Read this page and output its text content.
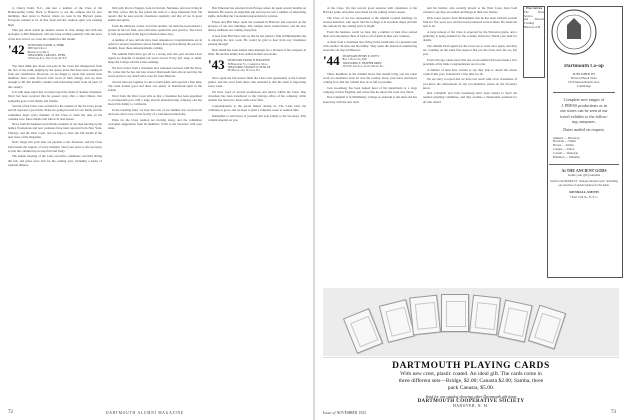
to Cherry Point, N.C., and met a number of the Class at the Homecoming Game. Back to Hanover to see the campus and its new buildings, then down to Boston where we took in the Harvard game. Everyone seemed to be in fine form and the reunion spirit was running high.

That just about winds up another season of class doings and with due apologies to Bill Ringeisen, who has been waiting patiently with the news of his new arrival, we close the column for this month.

'42 SECRETARY, DANIEL A. SHIRK
3685 Smith Road
Birmingham, Mich.
TREASURER, CARSON L. FIFER
1155 Park Ave., New York 28, N.Y.

You must think just about everyone in the Class has disappeared from the face of the earth, judging by the sparse notes that have been coming in from our contributors. However, we are happy to report that several class members have come forward with word of their doings, and we have enough to fill this month's column with interesting items from all parts of the country.

It is with deep regret that we must report the death of another classmate. Word has been received that he passed away after a short illness. Our sympathy goes to his family and friends.

Several of the Class were on hand for the reunion of the Tri-Class group and all reported a good time. Plans are going forward for our Tenth, and the committee urges every member of the Class to mark the date on his calendar now. More details will follow in later issues.

News from the business world finds a number of our men moving up the ladder. Promotions and new positions have been reported from New York, Chicago, and the West Coast, and we hope to have the full details in the next issue of the magazine.

Don't forget that your dues are payable to the Treasurer, and the Class Fund needs the support of every member. Send your news to the Secretary so that the column may be kept full and lively.

The annual meeting of the Class executive committee was held during the fall, and plans were laid for the coming year, including a series of regional dinners.

McCurdy Proctor Taggart, born in Lincoln, Nebraska, and now living in the East, writes that he has joined the staff of a large industrial firm. He reports that he sees several classmates regularly and that all are in good health and spirits.

From the Midwest comes word that another '42 man has been named a partner in his law firm, and a third has opened his own practice. The Class is well represented in the legal profession these days.

A number of new arrivals have been announced. Congratulations are in order for several classmates whose families have grown during the past few months. Keep those announcements coming.

The Alumni Fund drive got off to a strong start this year and the Class agents are hopeful of topping last year's record. Every gift, large or small, helps the College and the Class standing.

We had a letter from a classmate now stationed overseas with the Navy. He writes that he has run into several Dartmouth men abroad and that the Green spirit is very much alive even far from Hanover.

Several men got together for the Cornell game and reported a fine time. The team looked good and there was plenty of Dartmouth spirit in the stands.

Word from the West Coast tells us that a classmate has been appointed to an important post with a large aircraft manufacturing company and has moved his family to California.

In the teaching field, we hear that one of our number has received his doctorate and is now on the faculty of a well-known university.

Plans for the Class reunion are moving along, and the committee welcomes suggestions from all members. Write to the Secretary with your ideas.

Bob Emerson has returned from Europe where he spent several months on business. He reports an enjoyable trip and says he saw a number of interesting sights, including the Coronation preparations in London.

Ernest and Phil Moss spent the weekend in Hanover and reported on the progress of the new buildings. The campus never looked better, and the new library additions are coming along fine.

A note from Bill Snow tells us that he has joined a firm in Philadelphia and is enjoying the new work. He would be glad to hear from any classmates passing through.

Dick Smith has been named sales manager for a division of his company in Ohio. He and his family have settled in their new home.

'43 SECRETARY, FRANK H. EDGERTON
36 Berkshire St., Cambridge, Mass.
TREASURER, STANLEY W. DUNLOP
835 Boulevard, Walton, N.J.

Once again the fall season finds the Class well represented at the football games, and the word from those who attended is that the team is improving every week.

We have word of several promotions and moves within the Class. One classmate has been transferred to the Chicago office of his company, while another has moved to Texas with a new firm.

Congratulations to the proud fathers among us. The Class baby list continues to grow, and we hope to print a complete roster at reunion time.

Remember to send news of yourself and your family to the Secretary. This column depends on you.

72	DARTMOUTH ALUMNI MAGAZINE

of the Class. We had several good sessions with classmates at the Harvard game, and plans were made for the coming winter season.

The Class of '44 was represented at the Alumni Council meetings by several members, who report that the College is in excellent shape and that the outlook for the coming years is bright.

From the business world we hear that a number of men have started their own enterprises. Best of luck to all of them in their new ventures.

A letter from a classmate now living in the South tells of a pleasant visit with another '44 man and his family. They spent the afternoon reminiscing about the old days in Hanover.

'44 SECRETARY, HENRY E. SWETT
Box 1, Hanover, N.H.
TREASURER, E. SHAFFER DREW
234 S.W. 2nd Ave., South Miami, Fla.

These headlines in the Alumni News this month bring you the latest word on classmates from all over the country. Keep your notes and letters coming in so that the column may be as full as possible.

Jack Greenberg has been named head of his department at a large company in New England, and writes that he enjoys the work very much.

Don Campbell is in Middlebury College as assistant to the dean and has been busy with the new term.

and his brother, who recently moved to the West Coast, have both written to say they are settled and happy in their new homes.

Dick Jones reports from Philadelphia that he has been with his present firm for five years now and has been promoted several times. He sends his best to all.

A large turnout of the Class is expected for the Princeton game, and a gathering is being planned for the evening afterward. Watch your mail for details.

The Alumni Fund agents for the Class are at work once again, and they are counting on the same fine support that put the Class near the top last year.

From Chicago comes news that one of our number has been made a vice president of his bank. Congratulations are in order.

A number of men have written to say they plan to attend the winter carnival this year. It should be a fine time for all.

We are sorry to report that we have lost touch with a few classmates. If you know the whereabouts of any lost members, please let the Secretary know.

Don Campbell and Jack Greenberg have been named to head the reunion planning committee, and they promise a memorable weekend for all who attend.

Press Service
The Press Service
and Tailored Clothing
Hanover, N.H.
Dartmouth Co-op
PUBLISHED BY
Harvard Book Store
1256 Massachusetts Ave.
Cambridge
Complete new ranges of
J. PRESS productions as in
our stores can be seen at our
travel exhibits to the follow-
ing campuses.
Dates mailed on request.
Amherst — Princeton
Bowdoin — Smith
Brown — Trinity
Colgate — Union
Cornell — Wesleyan
Hamilton — Williams
At THE ANCIENT GODS
Guide your gift problems
Send for the BOOKLET "Antique Ancient Gods" describing our selection of ancient replicas for the home.
KENDALL-SMITH
7 East 51th St., N. Y. C.
DARTMOUTH PLAYING CARDS
With new crest, plastic coated. An ideal gift. The cards come in
three different sets—Bridge, $2.00; Canasta $2.00; Samba, three
pack Canasta, $5.00.
Send for our catalog showing other Dartmouth gift items
DARTMOUTH COOPERATIVE SOCIETY
HANOVER, N. H.
Issue of NOVEMBER 1952	73
